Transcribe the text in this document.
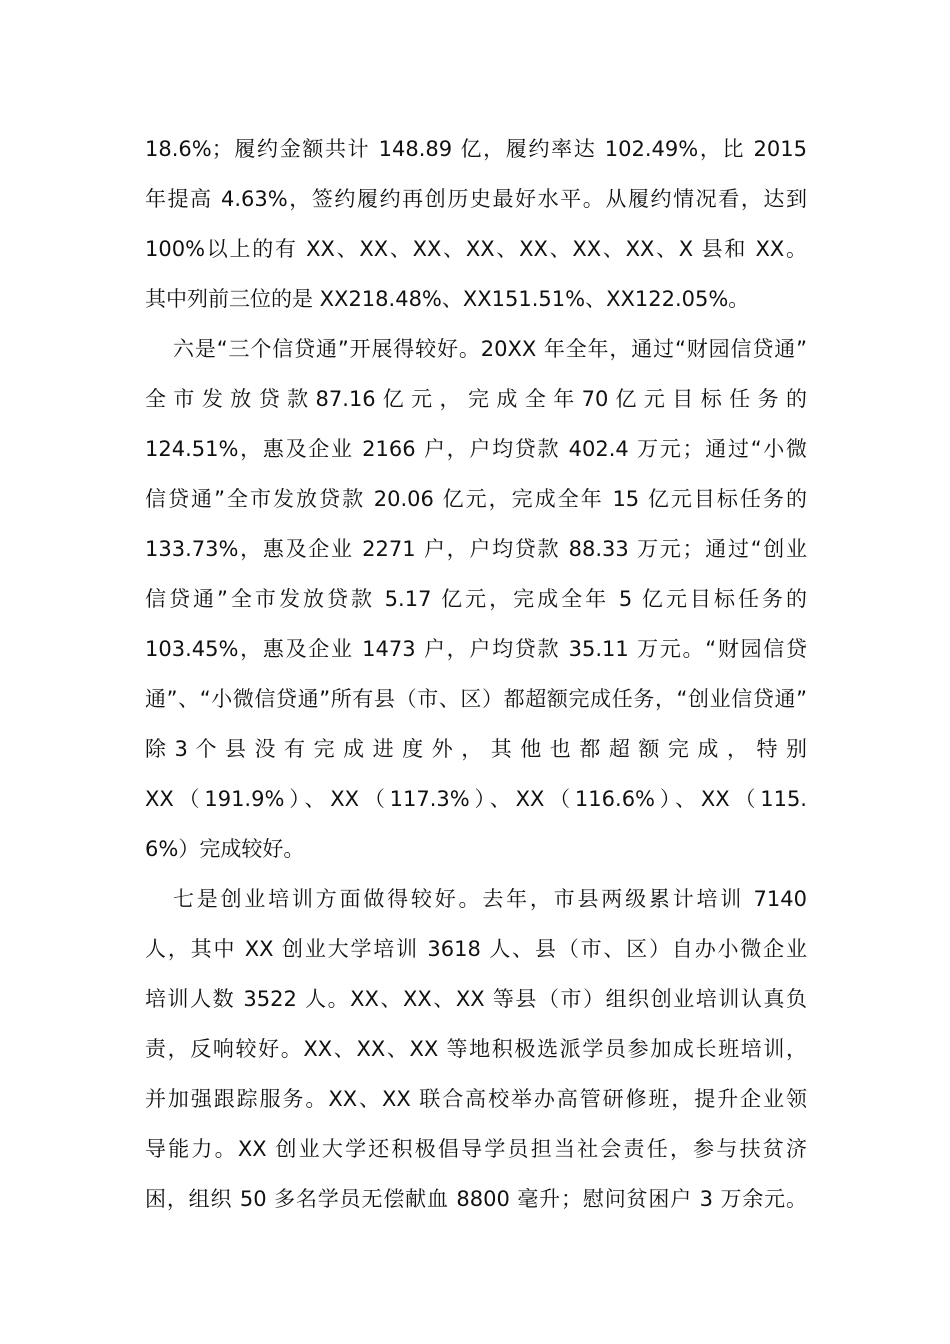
18.6%；履约金额共计 148.89 亿，履约率达 102.49%，比 2015
年提高 4.63%，签约履约再创历史最好水平。从履约情况看，达到
100%以上的有 XX、XX、XX、XX、XX、XX、XX、X 县和 XX。
其中列前三位的是 XX218.48%、XX151.51%、XX122.05%。
六是“三个信贷通”开展得较好。20XX 年全年，通过“财园信贷通”
全 市 发 放 贷 款 87.16 亿 元 ， 完 成 全 年 70 亿 元 目 标 任 务 的
124.51%，惠及企业 2166 户，户均贷款 402.4 万元；通过“小微
信贷通”全市发放贷款 20.06 亿元，完成全年 15 亿元目标任务的
133.73%，惠及企业 2271 户，户均贷款 88.33 万元；通过“创业
信贷通”全市发放贷款 5.17 亿元，完成全年 5 亿元目标任务的
103.45%，惠及企业 1473 户，户均贷款 35.11 万元。“财园信贷
通”、“小微信贷通”所有县（市、区）都超额完成任务，“创业信贷通”
除 3 个 县 没 有 完 成 进 度 外 ， 其 他 也 都 超 额 完 成 ， 特 别
XX（191.9%）、XX（117.3%）、XX（116.6%）、XX（115.
6%）完成较好。
七是创业培训方面做得较好。去年，市县两级累计培训 7140
人，其中 XX 创业大学培训 3618 人、县（市、区）自办小微企业
培训人数 3522 人。XX、XX、XX 等县（市）组织创业培训认真负
责，反响较好。XX、XX、XX 等地积极选派学员参加成长班培训，
并加强跟踪服务。XX、XX 联合高校举办高管研修班，提升企业领
导能力。XX 创业大学还积极倡导学员担当社会责任，参与扶贫济
困，组织 50 多名学员无偿献血 8800 毫升；慰问贫困户 3 万余元。
